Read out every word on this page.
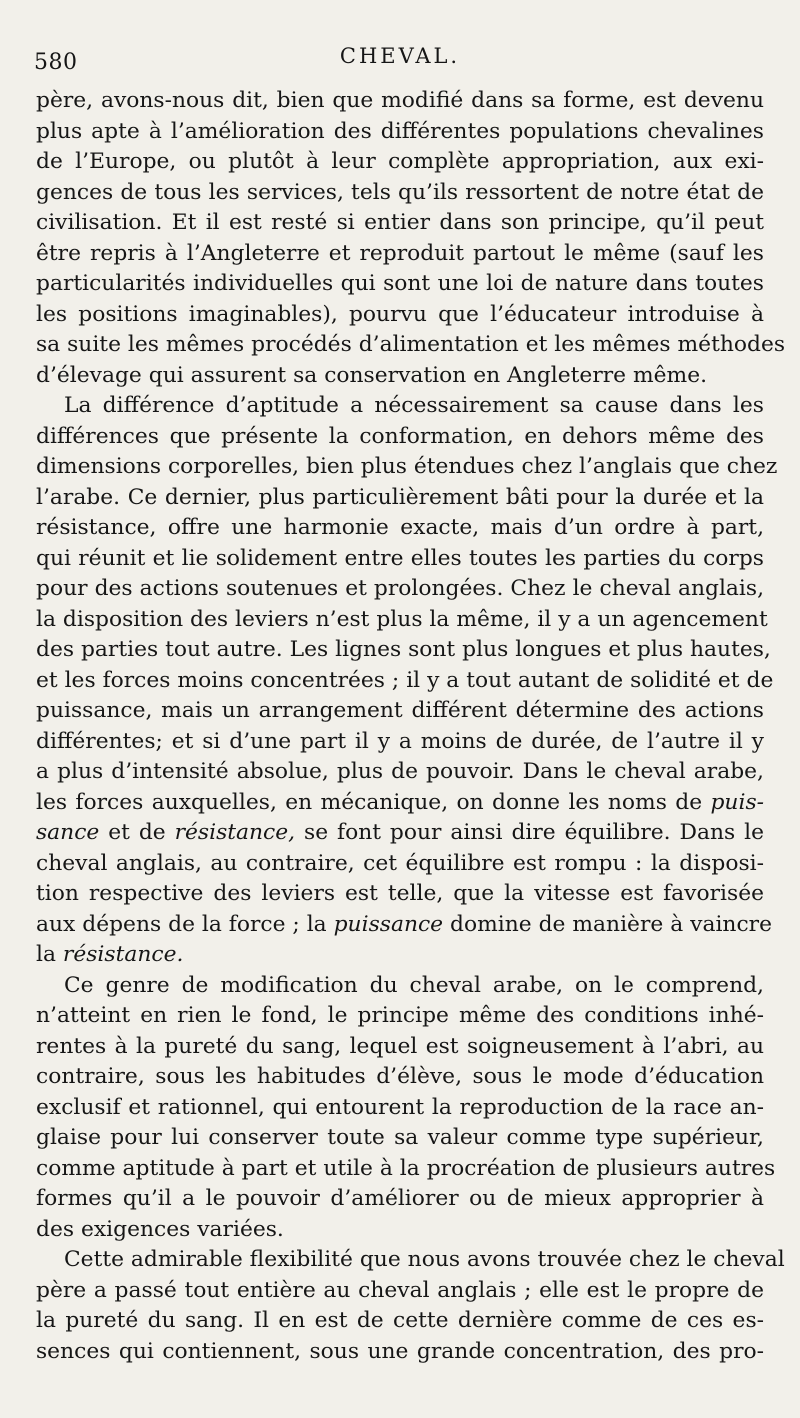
580	CHEVAL.
père, avons-nous dit, bien que modifié dans sa forme, est devenu
plus apte à l’amélioration des différentes populations chevalines
de l’Europe, ou plutôt à leur complète appropriation, aux exi-
gences de tous les services, tels qu’ils ressortent de notre état de
civilisation. Et il est resté si entier dans son principe, qu’il peut
être repris à l’Angleterre et reproduit partout le même (sauf les
particularités individuelles qui sont une loi de nature dans toutes
les positions imaginables), pourvu que l’éducateur introduise à
sa suite les mêmes procédés d’alimentation et les mêmes méthodes
d’élevage qui assurent sa conservation en Angleterre même.
La différence d’aptitude a nécessairement sa cause dans les
différences que présente la conformation, en dehors même des
dimensions corporelles, bien plus étendues chez l’anglais que chez
l’arabe. Ce dernier, plus particulièrement bâti pour la durée et la
résistance, offre une harmonie exacte, mais d’un ordre à part,
qui réunit et lie solidement entre elles toutes les parties du corps
pour des actions soutenues et prolongées. Chez le cheval anglais,
la disposition des leviers n’est plus la même, il y a un agencement
des parties tout autre. Les lignes sont plus longues et plus hautes,
et les forces moins concentrées ; il y a tout autant de solidité et de
puissance, mais un arrangement différent détermine des actions
différentes; et si d’une part il y a moins de durée, de l’autre il y
a plus d’intensité absolue, plus de pouvoir. Dans le cheval arabe,
les forces auxquelles, en mécanique, on donne les noms de puis-
sance et de résistance, se font pour ainsi dire équilibre. Dans le
cheval anglais, au contraire, cet équilibre est rompu : la disposi-
tion respective des leviers est telle, que la vitesse est favorisée
aux dépens de la force ; la puissance domine de manière à vaincre
la résistance.
Ce genre de modification du cheval arabe, on le comprend,
n’atteint en rien le fond, le principe même des conditions inhé-
rentes à la pureté du sang, lequel est soigneusement à l’abri, au
contraire, sous les habitudes d’élève, sous le mode d’éducation
exclusif et rationnel, qui entourent la reproduction de la race an-
glaise pour lui conserver toute sa valeur comme type supérieur,
comme aptitude à part et utile à la procréation de plusieurs autres
formes qu’il a le pouvoir d’améliorer ou de mieux approprier à
des exigences variées.
Cette admirable flexibilité que nous avons trouvée chez le cheval
père a passé tout entière au cheval anglais ; elle est le propre de
la pureté du sang. Il en est de cette dernière comme de ces es-
sences qui contiennent, sous une grande concentration, des pro-
